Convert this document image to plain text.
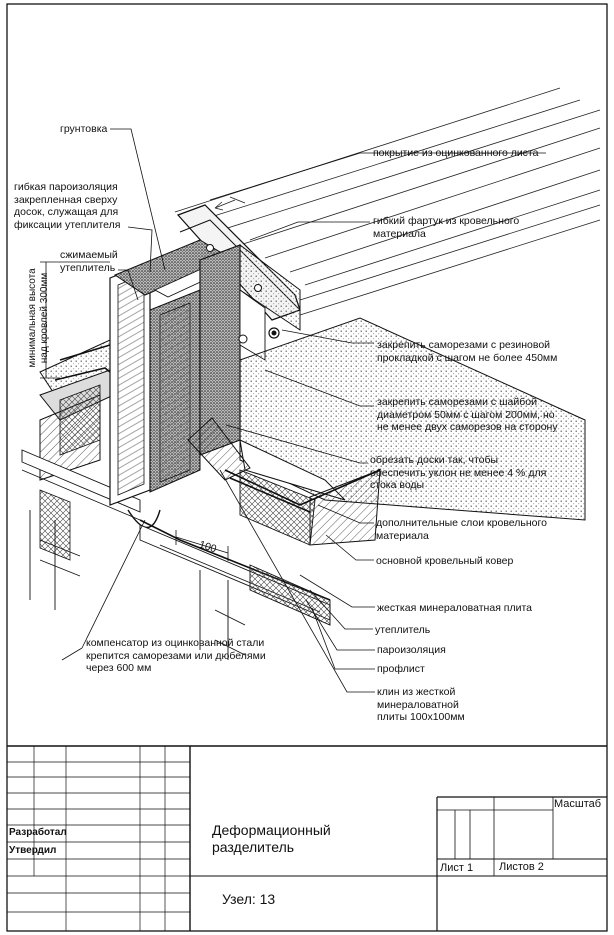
грунтовка
гибкая пароизоляция
закрепленная сверху
досок, служащая для
фиксации утеплителя
сжимаемый
утеплитель
минимальная высота
над кровлей 300мм
покрытие из оцинкованного листа
гибкий фартук из кровельного
материала
закрепить саморезами с резиновой
прокладкой с шагом не более 450мм
закрепить саморезами с шайбой
диаметром 50мм с шагом 200мм, но
не менее двух саморезов на сторону
обрезать доски так, чтобы
обеспечить уклон не менее 4 % для
стока воды
дополнительные слои кровельного
материала
основной кровельный ковер
жесткая минераловатная плита
утеплитель
пароизоляция
профлист
клин из жесткой
минераловатной
плиты 100х100мм
компенсатор из оцинкованной стали
крепится саморезами или дюбелями
через 600 мм
100
Разработал
Утвердил
Деформационный
разделитель
Узел: 13
Лист 1 Листов 2
Масштаб
